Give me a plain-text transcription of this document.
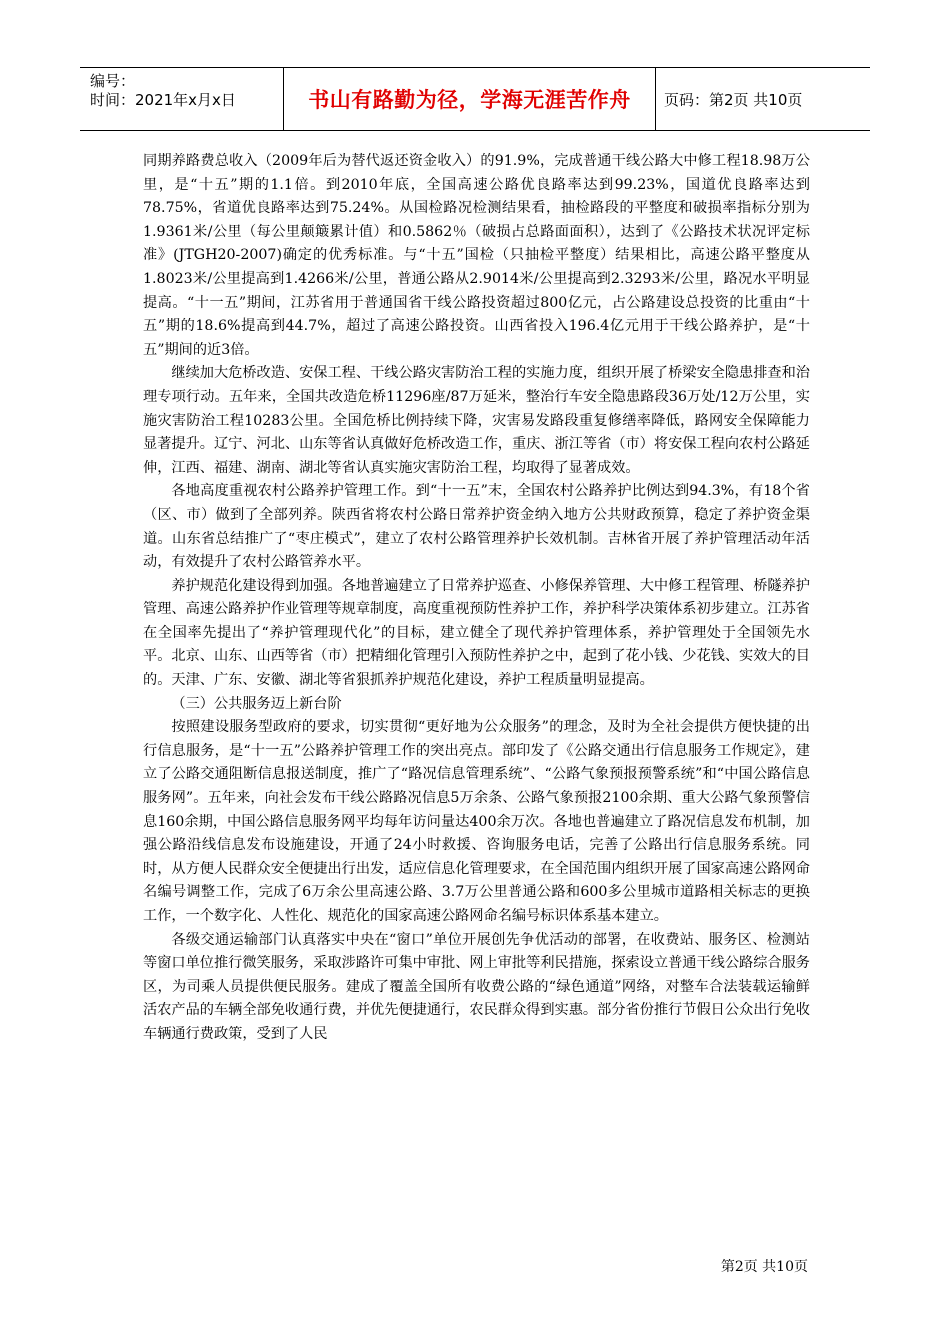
编号：
时间：2021年x月x日	书山有路勤为径，学海无涯苦作舟	页码：第2页 共10页

同期养路费总收入（2009年后为替代返还资金收入）的91.9%，完成普通干线公路大中修工程18.98万公里，是“十五”期的1.1倍。到2010年底，全国高速公路优良路率达到99.23%，国道优良路率达到78.75%，省道优良路率达到75.24%。从国检路况检测结果看，抽检路段的平整度和破损率指标分别为1.9361米/公里（每公里颠簸累计值）和0.5862％（破损占总路面面积），达到了《公路技术状况评定标准》(JTGH20-2007)确定的优秀标准。与“十五”国检（只抽检平整度）结果相比，高速公路平整度从1.8023米/公里提高到1.4266米/公里，普通公路从2.9014米/公里提高到2.3293米/公里，路况水平明显提高。“十一五”期间，江苏省用于普通国省干线公路投资超过800亿元，占公路建设总投资的比重由“十五”期的18.6%提高到44.7%，超过了高速公路投资。山西省投入196.4亿元用于干线公路养护，是“十五”期间的近3倍。

继续加大危桥改造、安保工程、干线公路灾害防治工程的实施力度，组织开展了桥梁安全隐患排查和治理专项行动。五年来，全国共改造危桥11296座/87万延米，整治行车安全隐患路段36万处/12万公里，实施灾害防治工程10283公里。全国危桥比例持续下降，灾害易发路段重复修缮率降低，路网安全保障能力显著提升。辽宁、河北、山东等省认真做好危桥改造工作，重庆、浙江等省（市）将安保工程向农村公路延伸，江西、福建、湖南、湖北等省认真实施灾害防治工程，均取得了显著成效。

各地高度重视农村公路养护管理工作。到“十一五”末，全国农村公路养护比例达到94.3%，有18个省（区、市）做到了全部列养。陕西省将农村公路日常养护资金纳入地方公共财政预算，稳定了养护资金渠道。山东省总结推广了“枣庄模式”，建立了农村公路管理养护长效机制。吉林省开展了养护管理活动年活动，有效提升了农村公路管养水平。

养护规范化建设得到加强。各地普遍建立了日常养护巡查、小修保养管理、大中修工程管理、桥隧养护管理、高速公路养护作业管理等规章制度，高度重视预防性养护工作，养护科学决策体系初步建立。江苏省在全国率先提出了“养护管理现代化”的目标，建立健全了现代养护管理体系，养护管理处于全国领先水平。北京、山东、山西等省（市）把精细化管理引入预防性养护之中，起到了花小钱、少花钱、实效大的目的。天津、广东、安徽、湖北等省狠抓养护规范化建设，养护工程质量明显提高。

（三）公共服务迈上新台阶

按照建设服务型政府的要求，切实贯彻“更好地为公众服务”的理念，及时为全社会提供方便快捷的出行信息服务，是“十一五”公路养护管理工作的突出亮点。部印发了《公路交通出行信息服务工作规定》，建立了公路交通阻断信息报送制度，推广了“路况信息管理系统”、“公路气象预报预警系统”和“中国公路信息服务网”。五年来，向社会发布干线公路路况信息5万余条、公路气象预报2100余期、重大公路气象预警信息160余期，中国公路信息服务网平均每年访问量达400余万次。各地也普遍建立了路况信息发布机制，加强公路沿线信息发布设施建设，开通了24小时救援、咨询服务电话，完善了公路出行信息服务系统。同时，从方便人民群众安全便捷出行出发，适应信息化管理要求，在全国范围内组织开展了国家高速公路网命名编号调整工作，完成了6万余公里高速公路、3.7万公里普通公路和600多公里城市道路相关标志的更换工作，一个数字化、人性化、规范化的国家高速公路网命名编号标识体系基本建立。

各级交通运输部门认真落实中央在“窗口”单位开展创先争优活动的部署，在收费站、服务区、检测站等窗口单位推行微笑服务，采取涉路许可集中审批、网上审批等利民措施，探索设立普通干线公路综合服务区，为司乘人员提供便民服务。建成了覆盖全国所有收费公路的“绿色通道”网络，对整车合法装载运输鲜活农产品的车辆全部免收通行费，并优先便捷通行，农民群众得到实惠。部分省份推行节假日公众出行免收车辆通行费政策，受到了人民

第2页 共10页
